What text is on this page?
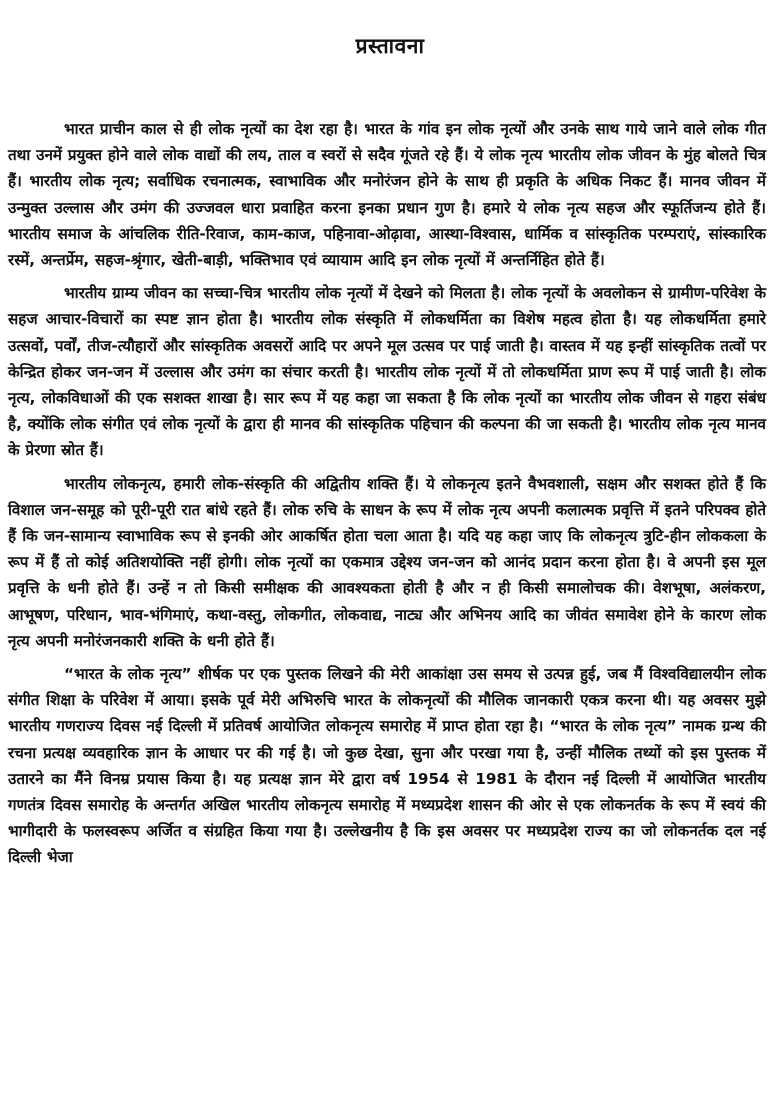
प्रस्तावना

भारत प्राचीन काल से ही लोक नृत्यों का देश रहा है। भारत के गांव इन लोक नृत्यों और उनके साथ गाये जाने वाले लोक गीत तथा उनमें प्रयुक्त होने वाले लोक वाद्यों की लय, ताल व स्वरों से सदैव गूंजते रहे हैं। ये लोक नृत्य भारतीय लोक जीवन के मुंह बोलते चित्र हैं। भारतीय लोक नृत्य; सर्वाधिक रचनात्मक, स्वाभाविक और मनोरंजन होने के साथ ही प्रकृति के अधिक निकट हैं। मानव जीवन में उन्मुक्त उल्लास और उमंग की उज्जवल धारा प्रवाहित करना इनका प्रधान गुण है। हमारे ये लोक नृत्य सहज और स्फूर्तिजन्य होते हैं। भारतीय समाज के आंचलिक रीति-रिवाज, काम-काज, पहिनावा-ओढ़ावा, आस्था-विश्वास, धार्मिक व सांस्कृतिक परम्पराएं, सांस्कारिक रस्में, अन्तर्प्रेम, सहज-श्रृंगार, खेती-बाड़ी, भक्तिभाव एवं व्यायाम आदि इन लोक नृत्यों में अन्तर्निहित होते हैं।

भारतीय ग्राम्य जीवन का सच्चा-चित्र भारतीय लोक नृत्यों में देखने को मिलता है। लोक नृत्यों के अवलोकन से ग्रामीण-परिवेश के सहज आचार-विचारों का स्पष्ट ज्ञान होता है। भारतीय लोक संस्कृति में लोकधर्मिता का विशेष महत्व होता है। यह लोकधर्मिता हमारे उत्सवों, पर्वों, तीज-त्यौहारों और सांस्कृतिक अवसरों आदि पर अपने मूल उत्सव पर पाई जाती है। वास्तव में यह इन्हीं सांस्कृतिक तत्वों पर केन्द्रित होकर जन-जन में उल्लास और उमंग का संचार करती है। भारतीय लोक नृत्यों में तो लोकधर्मिता प्राण रूप में पाई जाती है। लोक नृत्य, लोकविधाओं की एक सशक्त शाखा है। सार रूप में यह कहा जा सकता है कि लोक नृत्यों का भारतीय लोक जीवन से गहरा संबंध है, क्योंकि लोक संगीत एवं लोक नृत्यों के द्वारा ही मानव की सांस्कृतिक पहिचान की कल्पना की जा सकती है। भारतीय लोक नृत्य मानव के प्रेरणा स्रोत हैं।

भारतीय लोकनृत्य, हमारी लोक-संस्कृति की अद्वितीय शक्ति हैं। ये लोकनृत्य इतने वैभवशाली, सक्षम और सशक्त होते हैं कि विशाल जन-समूह को पूरी-पूरी रात बांधे रहते हैं। लोक रुचि के साधन के रूप में लोक नृत्य अपनी कलात्मक प्रवृत्ति में इतने परिपक्व होते हैं कि जन-सामान्य स्वाभाविक रूप से इनकी ओर आकर्षित होता चला आता है। यदि यह कहा जाए कि लोकनृत्य त्रुटि-हीन लोककला के रूप में हैं तो कोई अतिशयोक्ति नहीं होगी। लोक नृत्यों का एकमात्र उद्देश्य जन-जन को आनंद प्रदान करना होता है। वे अपनी इस मूल प्रवृत्ति के धनी होते हैं। उन्हें न तो किसी समीक्षक की आवश्यकता होती है और न ही किसी समालोचक की। वेशभूषा, अलंकरण, आभूषण, परिधान, भाव-भंगिमाएं, कथा-वस्तु, लोकगीत, लोकवाद्य, नाट्य और अभिनय आदि का जीवंत समावेश होने के कारण लोक नृत्य अपनी मनोरंजनकारी शक्ति के धनी होते हैं।

“भारत के लोक नृत्य” शीर्षक पर एक पुस्तक लिखने की मेरी आकांक्षा उस समय से उत्पन्न हुई, जब मैं विश्वविद्यालयीन लोक संगीत शिक्षा के परिवेश में आया। इसके पूर्व मेरी अभिरुचि भारत के लोकनृत्यों की मौलिक जानकारी एकत्र करना थी। यह अवसर मुझे भारतीय गणराज्य दिवस नई दिल्ली में प्रतिवर्ष आयोजित लोकनृत्य समारोह में प्राप्त होता रहा है। “भारत के लोक नृत्य” नामक ग्रन्थ की रचना प्रत्यक्ष व्यवहारिक ज्ञान के आधार पर की गई है। जो कुछ देखा, सुना और परखा गया है, उन्हीं मौलिक तथ्यों को इस पुस्तक में उतारने का मैंने विनम्र प्रयास किया है। यह प्रत्यक्ष ज्ञान मेरे द्वारा वर्ष 1954 से 1981 के दौरान नई दिल्ली में आयोजित भारतीय गणतंत्र दिवस समारोह के अन्तर्गत अखिल भारतीय लोकनृत्य समारोह में मध्यप्रदेश शासन की ओर से एक लोकनर्तक के रूप में स्वयं की भागीदारी के फलस्वरूप अर्जित व संग्रहित किया गया है। उल्लेखनीय है कि इस अवसर पर मध्यप्रदेश राज्य का जो लोकनर्तक दल नई दिल्ली भेजा
